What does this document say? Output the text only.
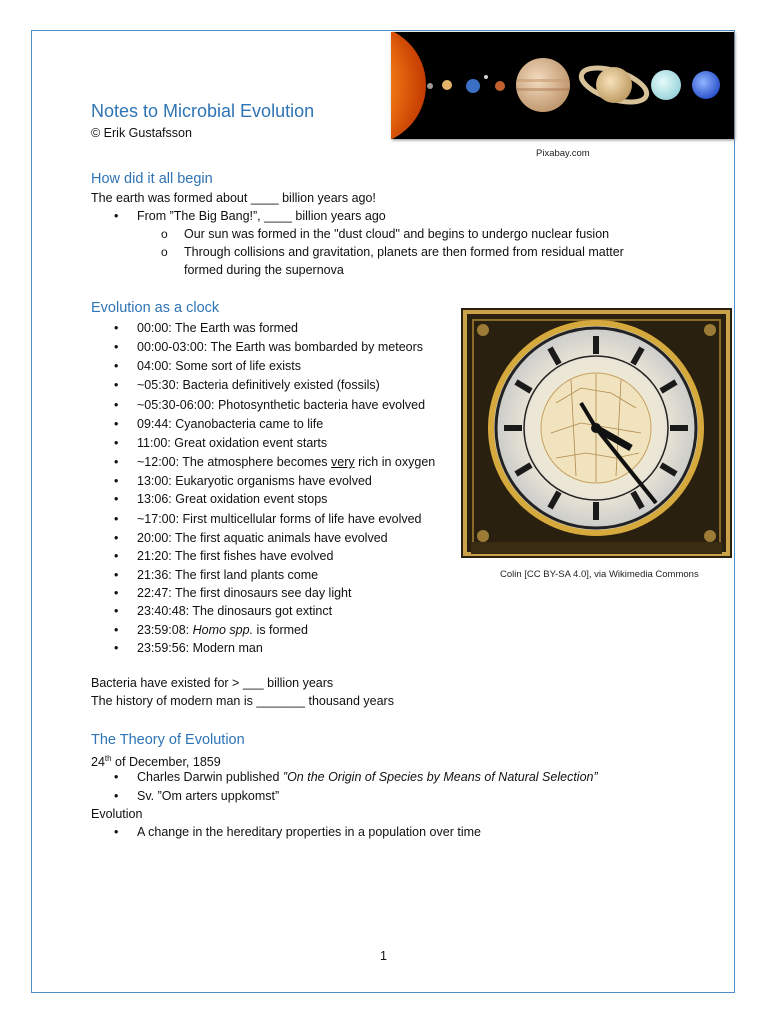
Pixabay.com
Notes to Microbial Evolution
© Erik Gustafsson
How did it all begin
The earth was formed about ____ billion years ago!
• From ”The Big Bang!”, ____ billion years ago
o Our sun was formed in the "dust cloud" and begins to undergo nuclear fusion
o Through collisions and gravitation, planets are then formed from residual matter
formed during the supernova
Evolution as a clock
• 00:00: The Earth was formed
• 00:00-03:00: The Earth was bombarded by meteors
• 04:00: Some sort of life exists
• ~05:30: Bacteria definitively existed (fossils)
• ~05:30-06:00: Photosynthetic bacteria have evolved
• 09:44: Cyanobacteria came to life
• 11:00: Great oxidation event starts
• ~12:00: The atmosphere becomes very rich in oxygen
• 13:00: Eukaryotic organisms have evolved
• 13:06: Great oxidation event stops
• ~17:00: First multicellular forms of life have evolved
• 20:00: The first aquatic animals have evolved
• 21:20: The first fishes have evolved
• 21:36: The first land plants come
• 22:47: The first dinosaurs see day light
• 23:40:48: The dinosaurs got extinct
• 23:59:08: Homo spp. is formed
• 23:59:56: Modern man
Colin [CC BY-SA 4.0], via Wikimedia Commons
Bacteria have existed for > ___ billion years
The history of modern man is _______ thousand years
The Theory of Evolution
24th of December, 1859
• Charles Darwin published ”On the Origin of Species by Means of Natural Selection”
• Sv. ”Om arters uppkomst”
Evolution
• A change in the hereditary properties in a population over time
1
